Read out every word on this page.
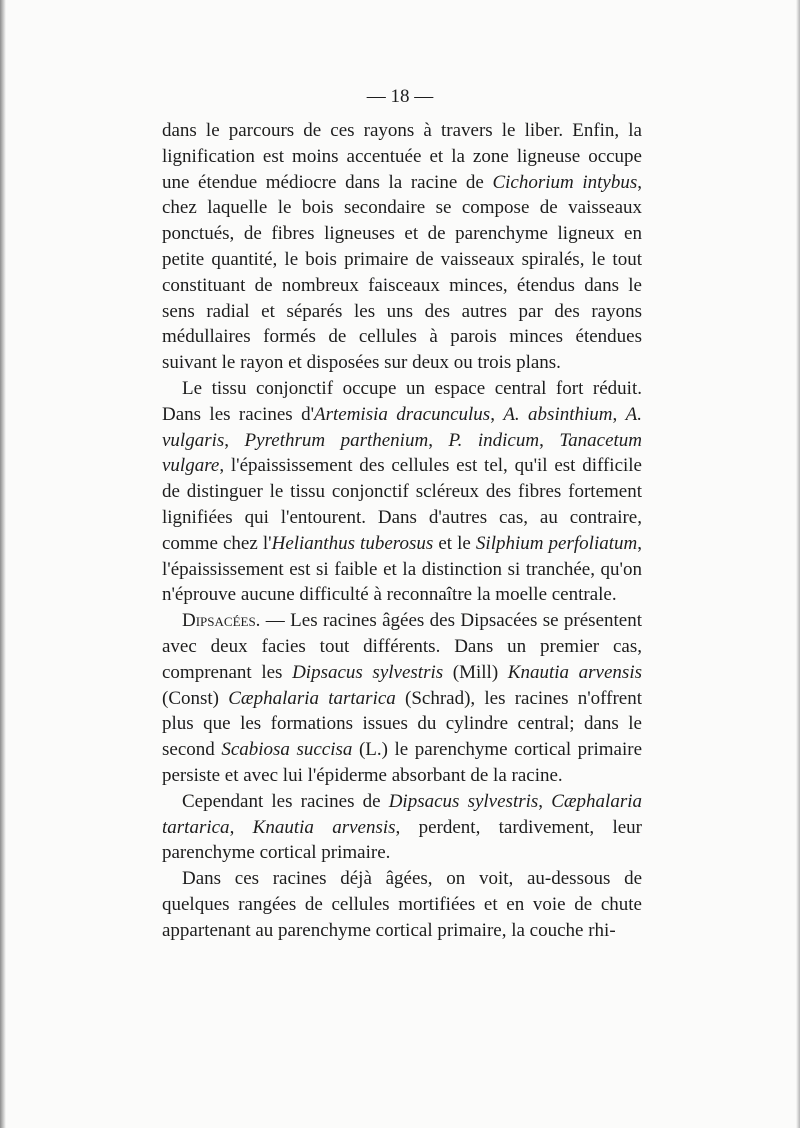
— 18 —

dans le parcours de ces rayons à travers le liber. Enfin, la lignification est moins accentuée et la zone ligneuse occupe une étendue médiocre dans la racine de Cichorium intybus, chez laquelle le bois secondaire se compose de vaisseaux ponctués, de fibres ligneuses et de parenchyme ligneux en petite quantité, le bois primaire de vaisseaux spiralés, le tout constituant de nombreux faisceaux minces, étendus dans le sens radial et séparés les uns des autres par des rayons médullaires formés de cellules à parois minces étendues suivant le rayon et disposées sur deux ou trois plans.

Le tissu conjonctif occupe un espace central fort réduit. Dans les racines d'Artemisia dracunculus, A. absinthium, A. vulgaris, Pyrethrum parthenium, P. indicum, Tanacetum vulgare, l'épaississement des cellules est tel, qu'il est difficile de distinguer le tissu conjonctif scléreux des fibres fortement lignifiées qui l'entourent. Dans d'autres cas, au contraire, comme chez l'Helianthus tuberosus et le Silphium perfoliatum, l'épaississement est si faible et la distinction si tranchée, qu'on n'éprouve aucune difficulté à reconnaître la moelle centrale.

Dipsacées. — Les racines âgées des Dipsacées se présentent avec deux facies tout différents. Dans un premier cas, comprenant les Dipsacus sylvestris (Mill) Knautia arvensis (Const) Cæphalaria tartarica (Schrad), les racines n'offrent plus que les formations issues du cylindre central; dans le second Scabiosa succisa (L.) le parenchyme cortical primaire persiste et avec lui l'épiderme absorbant de la racine.

Cependant les racines de Dipsacus sylvestris, Cæphalaria tartarica, Knautia arvensis, perdent, tardivement, leur parenchyme cortical primaire.

Dans ces racines déjà âgées, on voit, au-dessous de quelques rangées de cellules mortifiées et en voie de chute appartenant au parenchyme cortical primaire, la couche rhi-
